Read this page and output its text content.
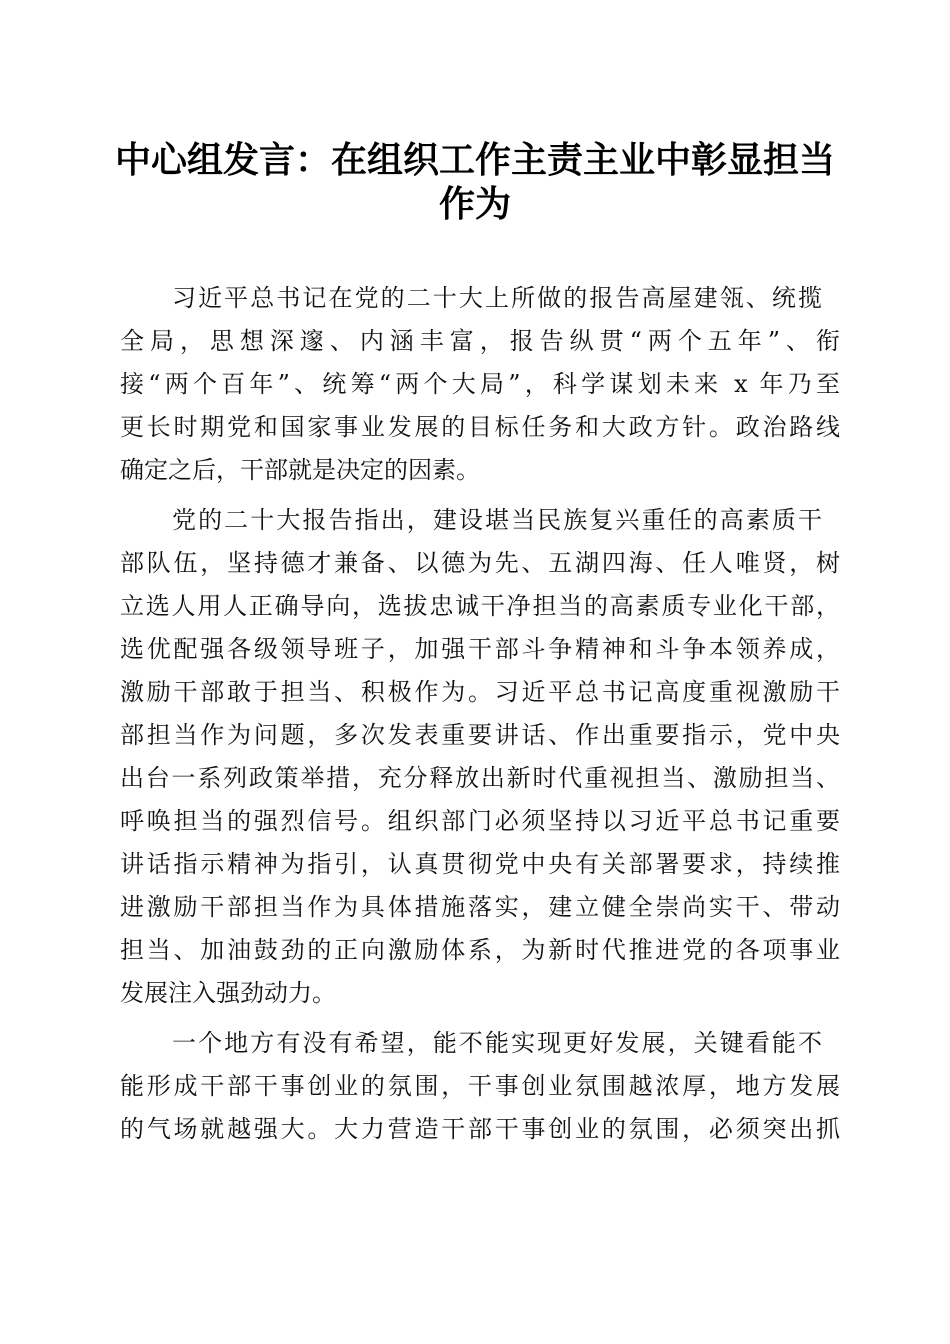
中心组发言：在组织工作主责主业中彰显担当
作为
习近平总书记在党的二十大上所做的报告高屋建瓴、统揽
全局，思想深邃、内涵丰富，报告纵贯“两个五年”、衔
接“两个百年”、统筹“两个大局”，科学谋划未来 x 年乃至
更长时期党和国家事业发展的目标任务和大政方针。政治路线
确定之后，干部就是决定的因素。
党的二十大报告指出，建设堪当民族复兴重任的高素质干
部队伍，坚持德才兼备、以德为先、五湖四海、任人唯贤，树
立选人用人正确导向，选拔忠诚干净担当的高素质专业化干部，
选优配强各级领导班子，加强干部斗争精神和斗争本领养成，
激励干部敢于担当、积极作为。习近平总书记高度重视激励干
部担当作为问题，多次发表重要讲话、作出重要指示，党中央
出台一系列政策举措，充分释放出新时代重视担当、激励担当、
呼唤担当的强烈信号。组织部门必须坚持以习近平总书记重要
讲话指示精神为指引，认真贯彻党中央有关部署要求，持续推
进激励干部担当作为具体措施落实，建立健全崇尚实干、带动
担当、加油鼓劲的正向激励体系，为新时代推进党的各项事业
发展注入强劲动力。
一个地方有没有希望，能不能实现更好发展，关键看能不
能形成干部干事创业的氛围，干事创业氛围越浓厚，地方发展
的气场就越强大。大力营造干部干事创业的氛围，必须突出抓
